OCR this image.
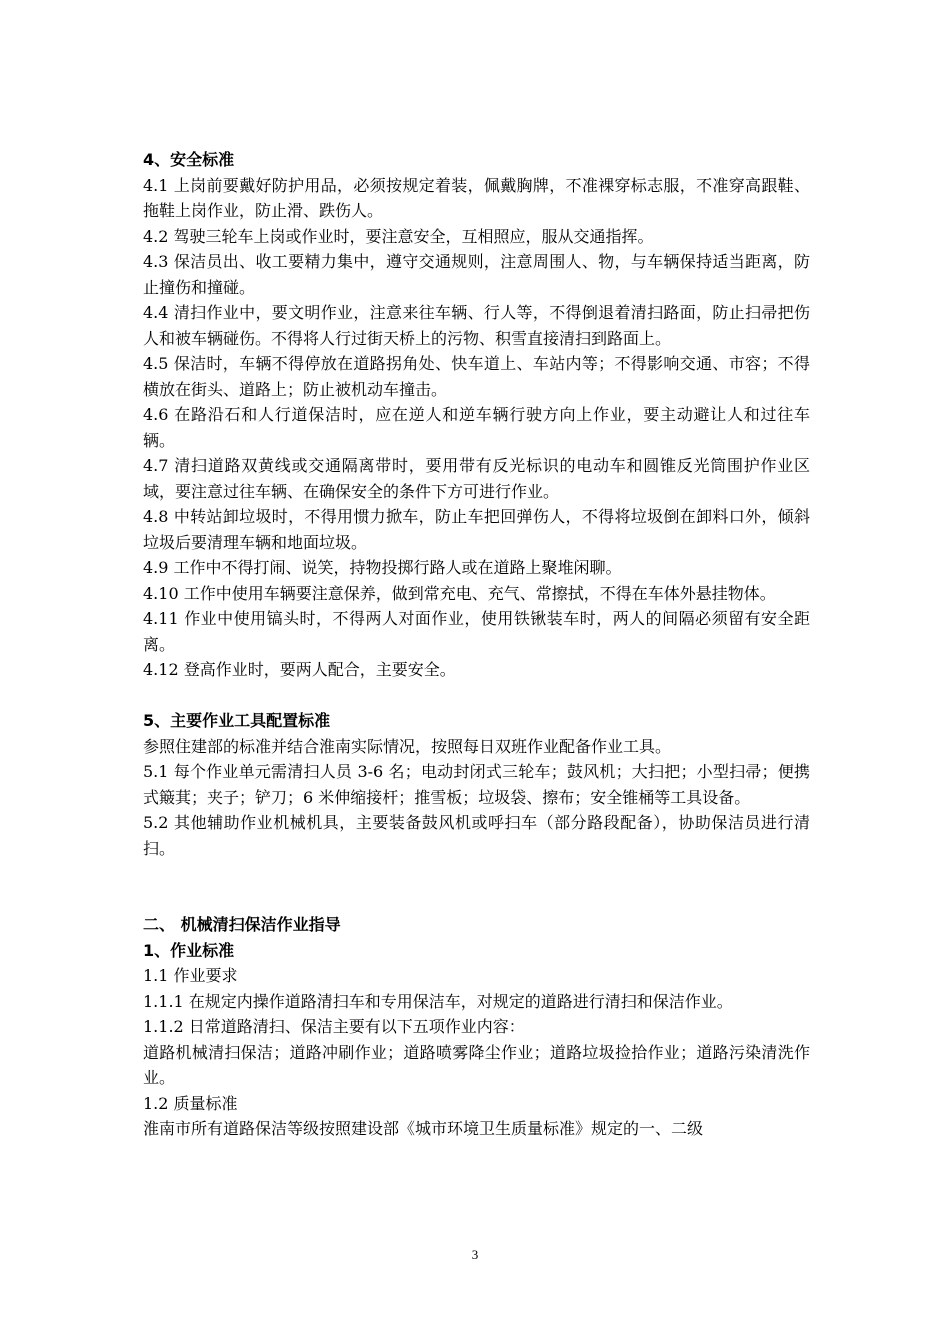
4、安全标准

4.1 上岗前要戴好防护用品，必须按规定着装，佩戴胸牌，不准裸穿标志服，不准穿高跟鞋、拖鞋上岗作业，防止滑、跌伤人。

4.2 驾驶三轮车上岗或作业时，要注意安全，互相照应，服从交通指挥。

4.3 保洁员出、收工要精力集中，遵守交通规则，注意周围人、物，与车辆保持适当距离，防止撞伤和撞碰。

4.4 清扫作业中，要文明作业，注意来往车辆、行人等，不得倒退着清扫路面，防止扫帚把伤人和被车辆碰伤。不得将人行过街天桥上的污物、积雪直接清扫到路面上。

4.5 保洁时，车辆不得停放在道路拐角处、快车道上、车站内等；不得影响交通、市容；不得横放在街头、道路上；防止被机动车撞击。

4.6 在路沿石和人行道保洁时，应在逆人和逆车辆行驶方向上作业，要主动避让人和过往车辆。

4.7 清扫道路双黄线或交通隔离带时，要用带有反光标识的电动车和圆锥反光筒围护作业区域，要注意过往车辆、在确保安全的条件下方可进行作业。

4.8 中转站卸垃圾时，不得用惯力掀车，防止车把回弹伤人，不得将垃圾倒在卸料口外，倾斜垃圾后要清理车辆和地面垃圾。

4.9 工作中不得打闹、说笑，持物投掷行路人或在道路上聚堆闲聊。

4.10 工作中使用车辆要注意保养，做到常充电、充气、常擦拭，不得在车体外悬挂物体。

4.11 作业中使用镐头时，不得两人对面作业，使用铁锹装车时，两人的间隔必须留有安全距离。

4.12 登高作业时，要两人配合，主要安全。

5、主要作业工具配置标准

参照住建部的标准并结合淮南实际情况，按照每日双班作业配备作业工具。

5.1 每个作业单元需清扫人员 3-6 名；电动封闭式三轮车；鼓风机；大扫把；小型扫帚；便携式簸萁；夹子；铲刀；6 米伸缩接杆；推雪板；垃圾袋、擦布；安全锥桶等工具设备。

5.2 其他辅助作业机械机具，主要装备鼓风机或呼扫车（部分路段配备），协助保洁员进行清扫。

二、 机械清扫保洁作业指导

1、作业标准

1.1 作业要求

1.1.1 在规定内操作道路清扫车和专用保洁车，对规定的道路进行清扫和保洁作业。

1.1.2 日常道路清扫、保洁主要有以下五项作业内容：

道路机械清扫保洁；道路冲刷作业；道路喷雾降尘作业；道路垃圾捡拾作业；道路污染清洗作业。

1.2 质量标准

淮南市所有道路保洁等级按照建设部《城市环境卫生质量标准》规定的一、二级

3
